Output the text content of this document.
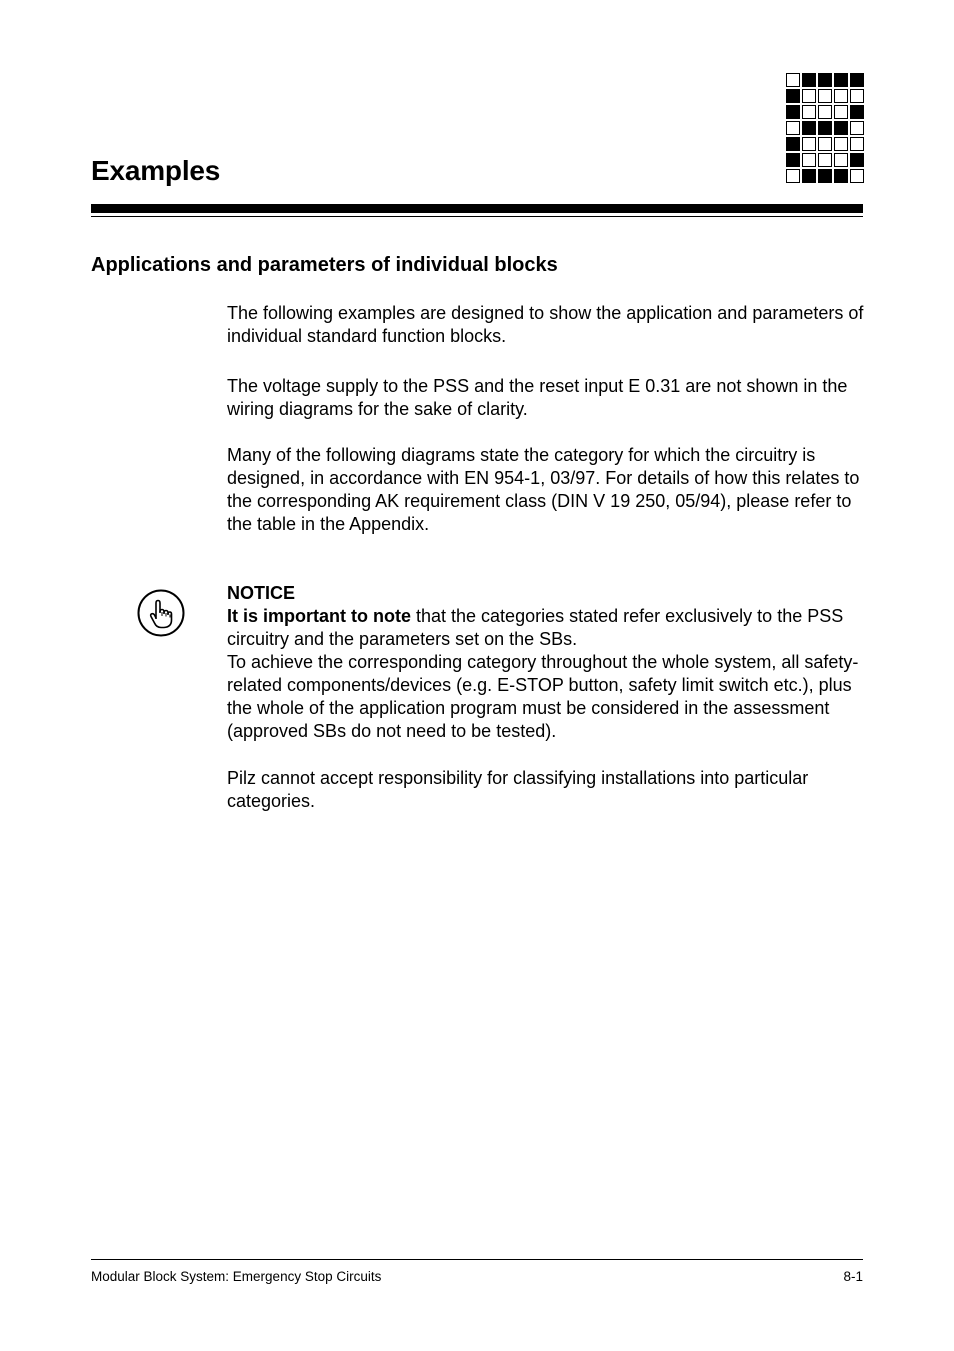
Examples
Applications and parameters of individual blocks

The following examples are designed to show the application and parameters of individual standard function blocks.

The voltage supply to the PSS and the reset input E 0.31 are not shown in the wiring diagrams for the sake of clarity.

Many of the following diagrams state the category for which the circuitry is designed, in accordance with EN 954-1, 03/97. For details of how this relates to the corresponding AK requirement class (DIN V 19 250, 05/94), please refer to the table in the Appendix.

NOTICE
It is important to note that the categories stated refer exclusively to the PSS circuitry and the parameters set on the SBs.
To achieve the corresponding category throughout the whole system, all safety-related components/devices (e.g. E-STOP button, safety limit switch etc.), plus the whole of the application program must be considered in the assessment (approved SBs do not need to be tested).

Pilz cannot accept responsibility for classifying installations into particular categories.

Modular Block System: Emergency Stop Circuits	8-1
